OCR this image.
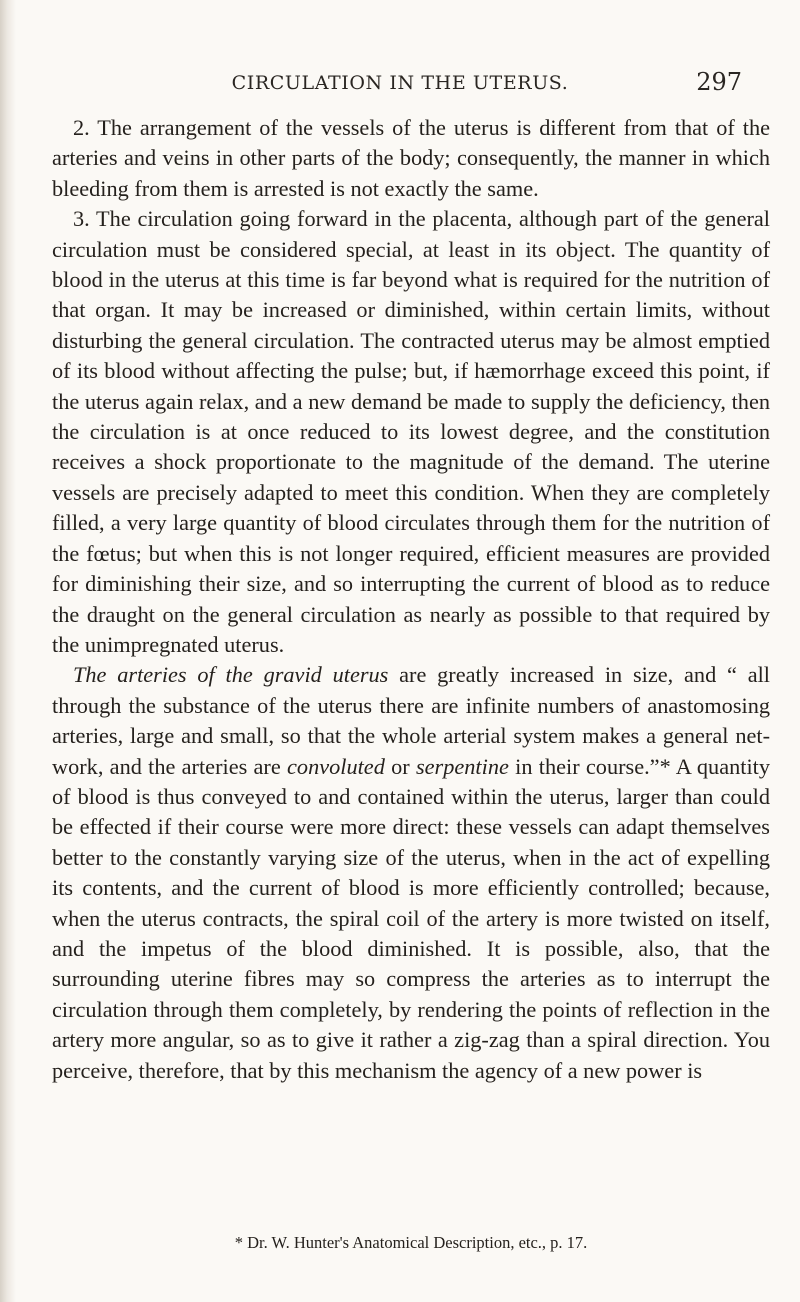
CIRCULATION IN THE UTERUS.	297

2. The arrangement of the vessels of the uterus is different from that of the arteries and veins in other parts of the body; consequently, the manner in which bleeding from them is arrested is not exactly the same.

3. The circulation going forward in the placenta, although part of the general circulation must be considered special, at least in its object. The quantity of blood in the uterus at this time is far beyond what is required for the nutrition of that organ. It may be increased or diminished, within certain limits, without disturbing the general circulation. The contracted uterus may be almost emptied of its blood without affecting the pulse; but, if hæmorrhage exceed this point, if the uterus again relax, and a new demand be made to supply the deficiency, then the circulation is at once reduced to its lowest degree, and the constitution receives a shock proportionate to the magnitude of the demand. The uterine vessels are precisely adapted to meet this condition. When they are completely filled, a very large quantity of blood circulates through them for the nutrition of the fœtus; but when this is not longer required, efficient measures are provided for diminishing their size, and so interrupting the current of blood as to reduce the draught on the general circulation as nearly as possible to that required by the unimpregnated uterus.

The arteries of the gravid uterus are greatly increased in size, and “ all through the substance of the uterus there are infinite numbers of anastomosing arteries, large and small, so that the whole arterial system makes a general net-work, and the arteries are convoluted or serpentine in their course.”* A quantity of blood is thus conveyed to and contained within the uterus, larger than could be effected if their course were more direct: these vessels can adapt themselves better to the constantly varying size of the uterus, when in the act of expelling its contents, and the current of blood is more efficiently controlled; because, when the uterus contracts, the spiral coil of the artery is more twisted on itself, and the impetus of the blood diminished. It is possible, also, that the surrounding uterine fibres may so compress the arteries as to interrupt the circulation through them completely, by rendering the points of reflection in the artery more angular, so as to give it rather a zig-zag than a spiral direction. You perceive, therefore, that by this mechanism the agency of a new power is

* Dr. W. Hunter's Anatomical Description, etc., p. 17.
